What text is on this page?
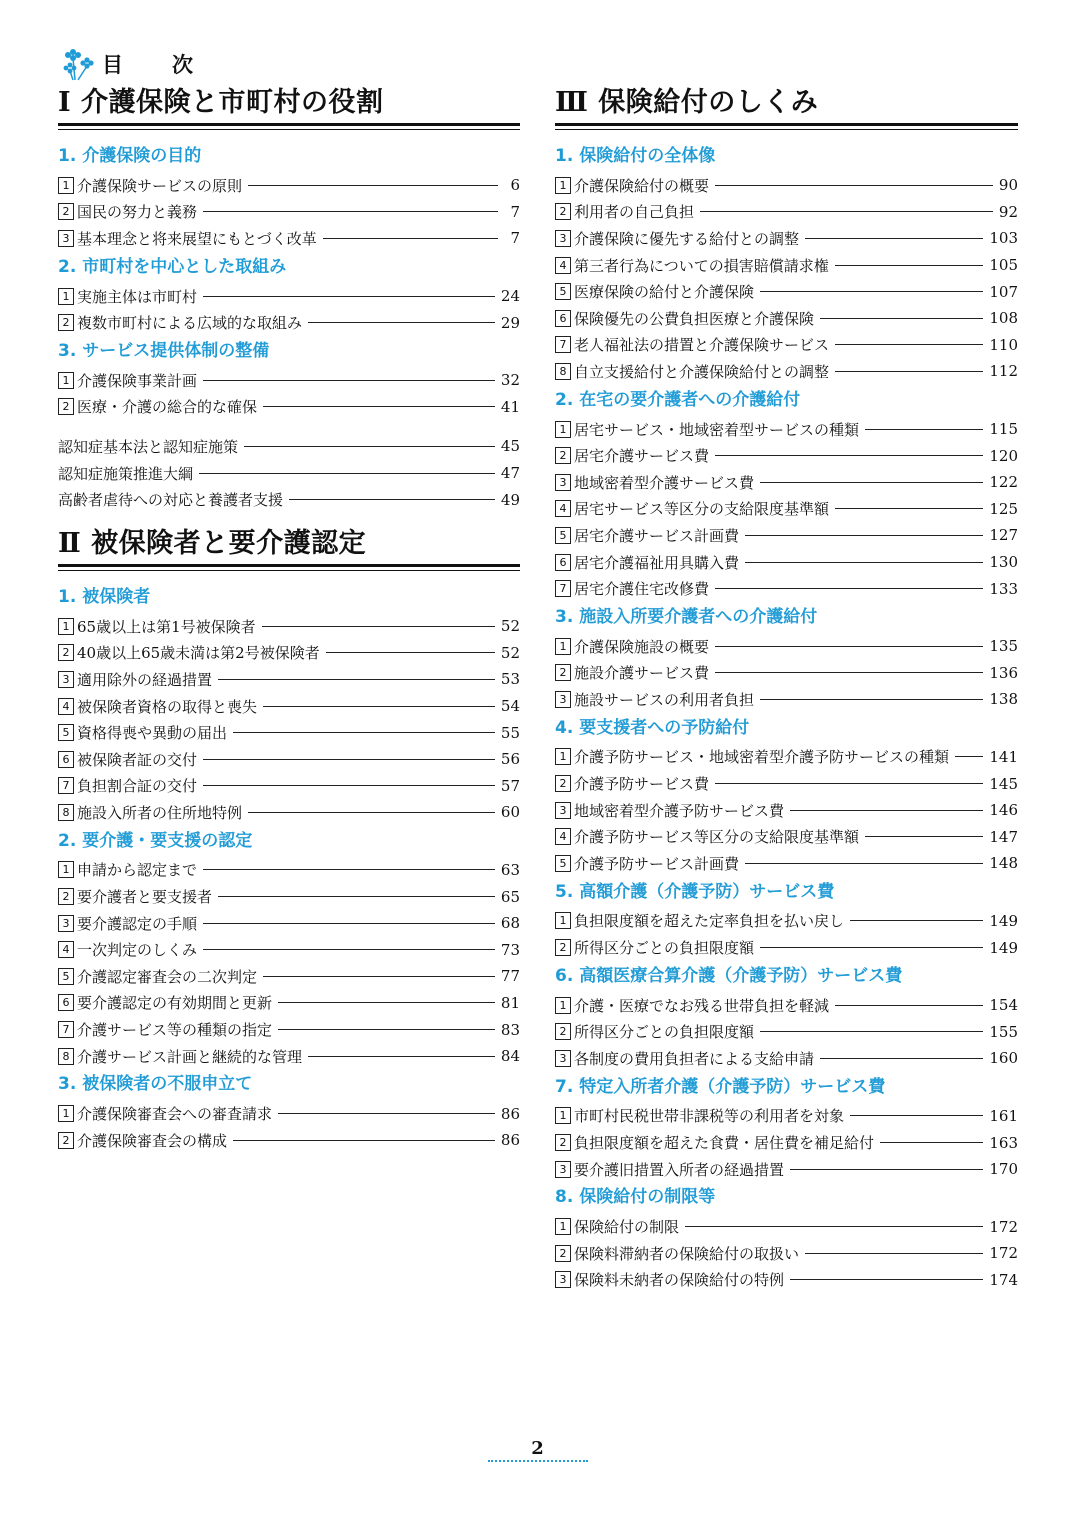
目　次
Ⅰ 介護保険と市町村の役割
1. 介護保険の目的
1 介護保険サービスの原則	6
2 国民の努力と義務	7
3 基本理念と将来展望にもとづく改革	7
2. 市町村を中心とした取組み
1 実施主体は市町村	24
2 複数市町村による広域的な取組み	29
3. サービス提供体制の整備
1 介護保険事業計画	32
2 医療・介護の総合的な確保	41
認知症基本法と認知症施策	45
認知症施策推進大綱	47
高齢者虐待への対応と養護者支援	49
Ⅱ 被保険者と要介護認定
1. 被保険者
1 65歳以上は第1号被保険者	52
2 40歳以上65歳未満は第2号被保険者	52
3 適用除外の経過措置	53
4 被保険者資格の取得と喪失	54
5 資格得喪や異動の届出	55
6 被保険者証の交付	56
7 負担割合証の交付	57
8 施設入所者の住所地特例	60
2. 要介護・要支援の認定
1 申請から認定まで	63
2 要介護者と要支援者	65
3 要介護認定の手順	68
4 一次判定のしくみ	73
5 介護認定審査会の二次判定	77
6 要介護認定の有効期間と更新	81
7 介護サービス等の種類の指定	83
8 介護サービス計画と継続的な管理	84
3. 被保険者の不服申立て
1 介護保険審査会への審査請求	86
2 介護保険審査会の構成	86
Ⅲ 保険給付のしくみ
1. 保険給付の全体像
1 介護保険給付の概要	90
2 利用者の自己負担	92
3 介護保険に優先する給付との調整	103
4 第三者行為についての損害賠償請求権	105
5 医療保険の給付と介護保険	107
6 保険優先の公費負担医療と介護保険	108
7 老人福祉法の措置と介護保険サービス	110
8 自立支援給付と介護保険給付との調整	112
2. 在宅の要介護者への介護給付
1 居宅サービス・地域密着型サービスの種類	115
2 居宅介護サービス費	120
3 地域密着型介護サービス費	122
4 居宅サービス等区分の支給限度基準額	125
5 居宅介護サービス計画費	127
6 居宅介護福祉用具購入費	130
7 居宅介護住宅改修費	133
3. 施設入所要介護者への介護給付
1 介護保険施設の概要	135
2 施設介護サービス費	136
3 施設サービスの利用者負担	138
4. 要支援者への予防給付
1 介護予防サービス・地域密着型介護予防サービスの種類	141
2 介護予防サービス費	145
3 地域密着型介護予防サービス費	146
4 介護予防サービス等区分の支給限度基準額	147
5 介護予防サービス計画費	148
5. 高額介護（介護予防）サービス費
1 負担限度額を超えた定率負担を払い戻し	149
2 所得区分ごとの負担限度額	149
6. 高額医療合算介護（介護予防）サービス費
1 介護・医療でなお残る世帯負担を軽減	154
2 所得区分ごとの負担限度額	155
3 各制度の費用負担者による支給申請	160
7. 特定入所者介護（介護予防）サービス費
1 市町村民税世帯非課税等の利用者を対象	161
2 負担限度額を超えた食費・居住費を補足給付	163
3 要介護旧措置入所者の経過措置	170
8. 保険給付の制限等
1 保険給付の制限	172
2 保険料滞納者の保険給付の取扱い	172
3 保険料未納者の保険給付の特例	174
2
